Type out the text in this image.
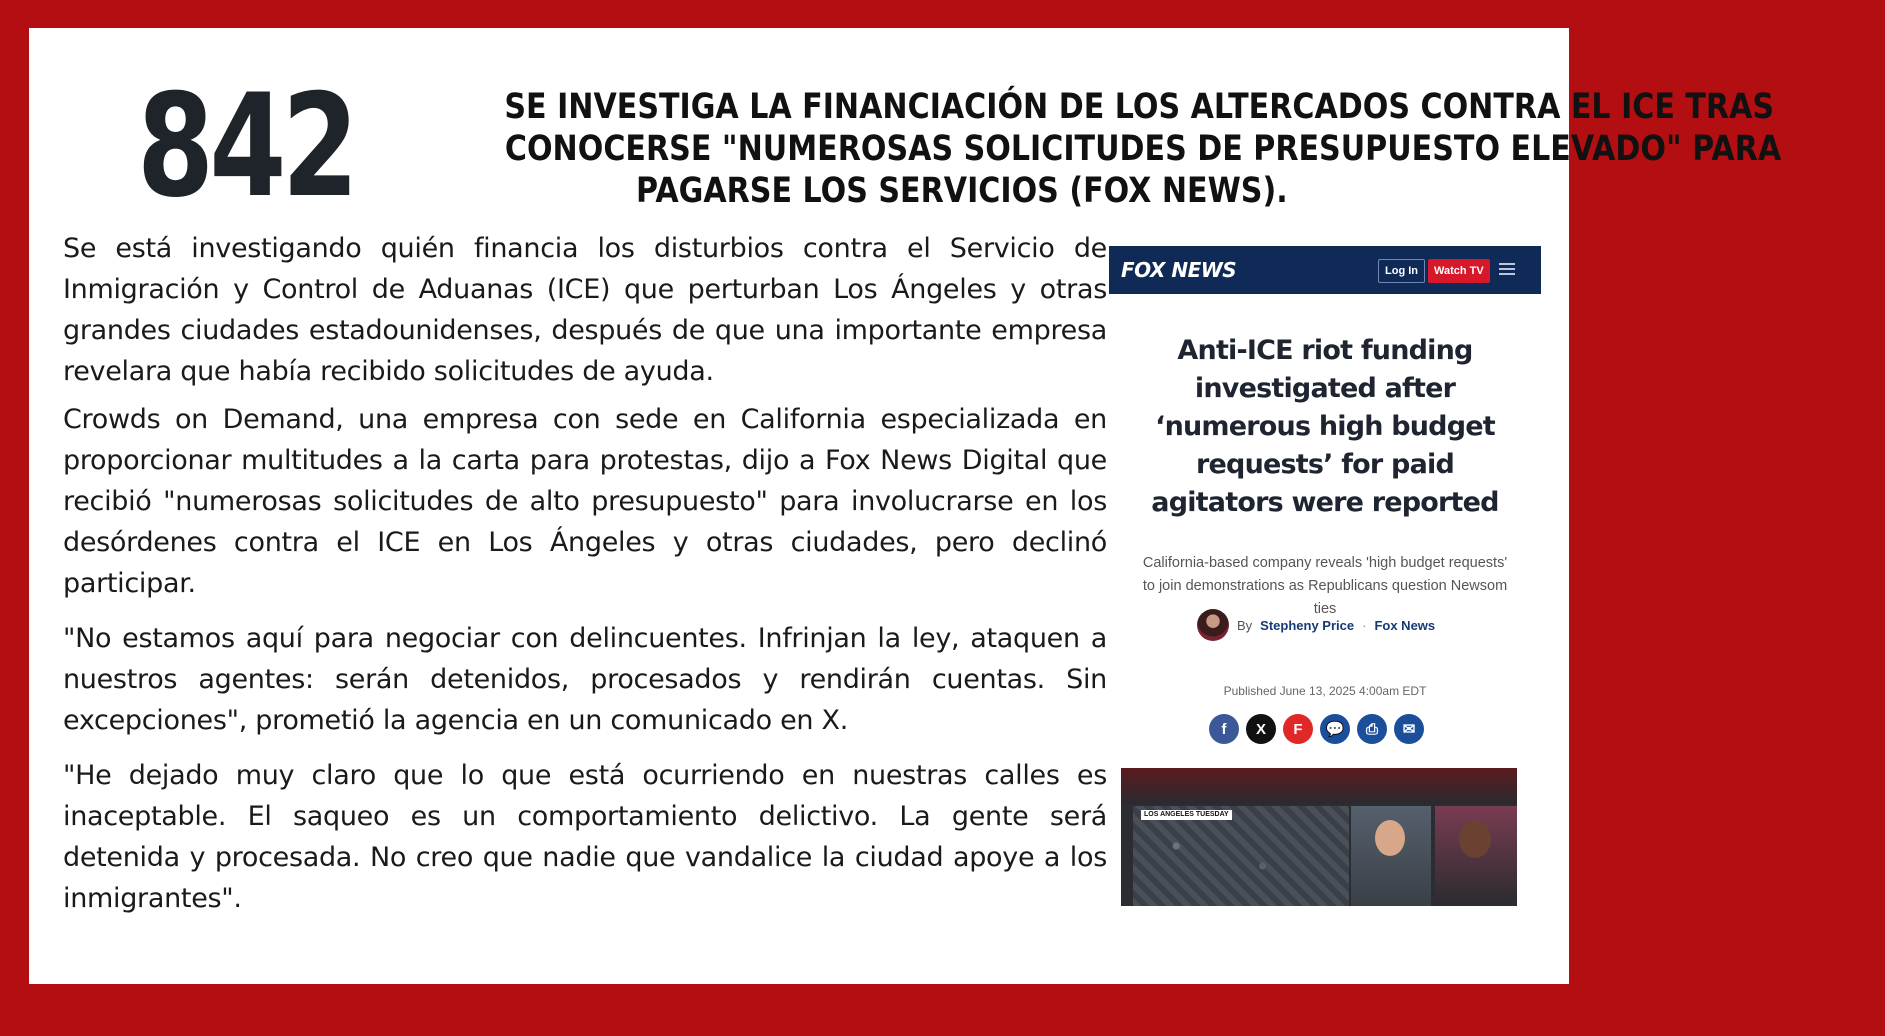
842	SE INVESTIGA LA FINANCIACIÓN DE LOS ALTERCADOS CONTRA EL ICE TRAS
CONOCERSE "NUMEROSAS SOLICITUDES DE PRESUPUESTO ELEVADO" PARA
PAGARSE LOS SERVICIOS (FOX NEWS).

Se está investigando quién financia los disturbios contra el Servicio de Inmigración y Control de Aduanas (ICE) que perturban Los Ángeles y otras grandes ciudades estadounidenses, después de que una importante empresa revelara que había recibido solicitudes de ayuda.

Crowds on Demand, una empresa con sede en California especializada en proporcionar multitudes a la carta para protestas, dijo a Fox News Digital que recibió "numerosas solicitudes de alto presupuesto" para involucrarse en los desórdenes contra el ICE en Los Ángeles y otras ciudades, pero declinó participar.

"No estamos aquí para negociar con delincuentes. Infrinjan la ley, ataquen a nuestros agentes: serán detenidos, procesados y rendirán cuentas. Sin excepciones", prometió la agencia en un comunicado en X.

"He dejado muy claro que lo que está ocurriendo en nuestras calles es inaceptable. El saqueo es un comportamiento delictivo. La gente será detenida y procesada. No creo que nadie que vandalice la ciudad apoye a los inmigrantes".

FOX NEWS	Log In	Watch TV
Anti-ICE riot funding investigated after ‘numerous high budget requests’ for paid agitators were reported
California-based company reveals 'high budget requests' to join demonstrations as Republicans question Newsom ties
By Stepheny Price · Fox News
Published June 13, 2025 4:00am EDT
f	X	F	💬	⎙	✉
LOS ANGELES TUESDAY
